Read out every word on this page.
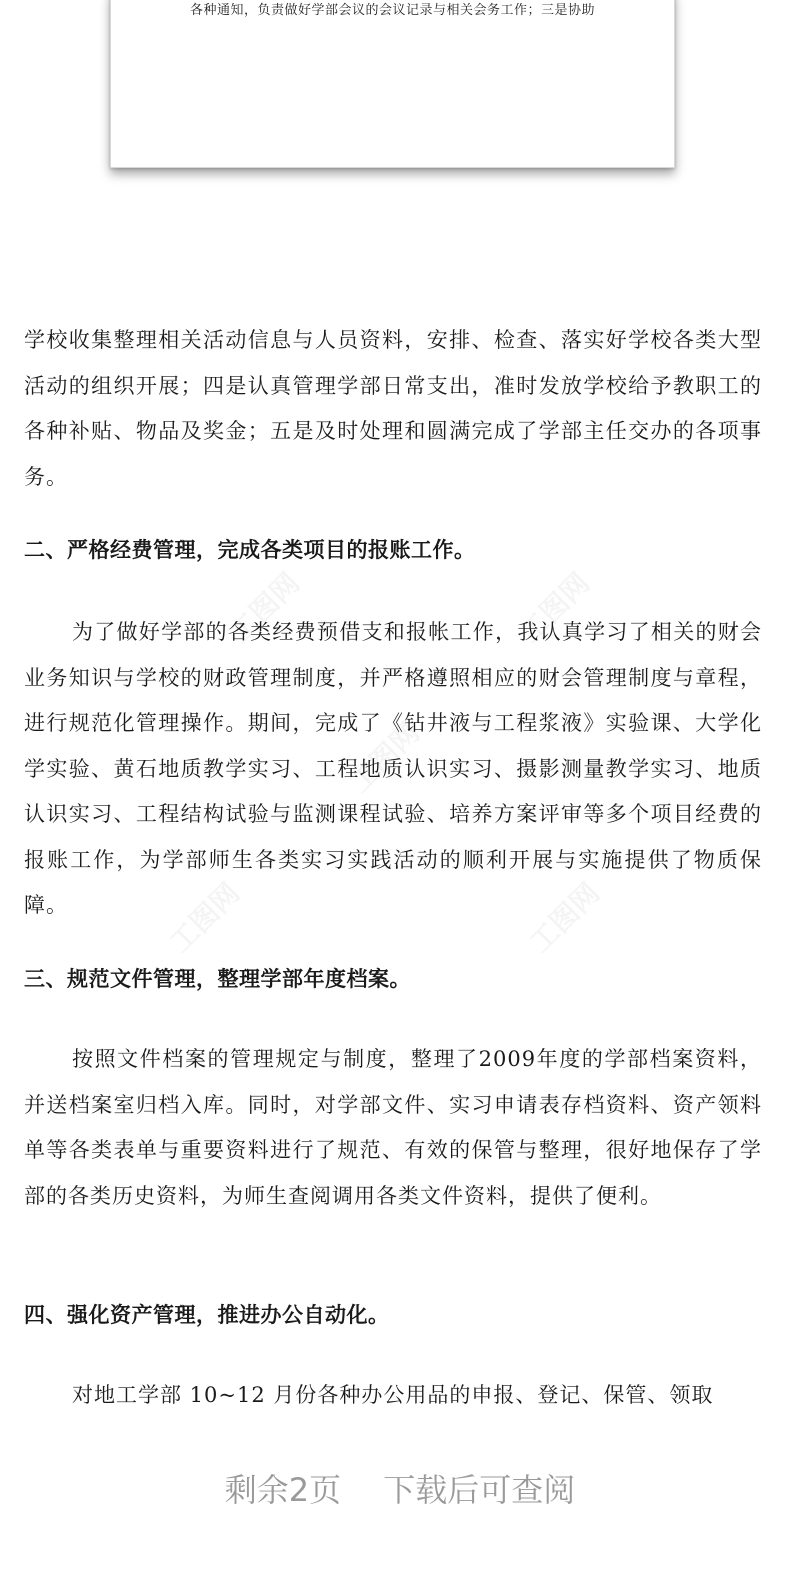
各种通知，负责做好学部会议的会议记录与相关会务工作；三是协助

学校收集整理相关活动信息与人员资料，安排、检查、落实好学校各类大型活动的组织开展；四是认真管理学部日常支出，准时发放学校给予教职工的各种补贴、物品及奖金；五是及时处理和圆满完成了学部主任交办的各项事务。

二、严格经费管理，完成各类项目的报账工作。

为了做好学部的各类经费预借支和报帐工作，我认真学习了相关的财会业务知识与学校的财政管理制度，并严格遵照相应的财会管理制度与章程，进行规范化管理操作。期间，完成了《钻井液与工程浆液》实验课、大学化学实验、黄石地质教学实习、工程地质认识实习、摄影测量教学实习、地质认识实习、工程结构试验与监测课程试验、培养方案评审等多个项目经费的报账工作，为学部师生各类实习实践活动的顺利开展与实施提供了物质保障。

三、规范文件管理，整理学部年度档案。

按照文件档案的管理规定与制度，整理了2009年度的学部档案资料，并送档案室归档入库。同时，对学部文件、实习申请表存档资料、资产领料单等各类表单与重要资料进行了规范、有效的保管与整理，很好地保存了学部的各类历史资料，为师生查阅调用各类文件资料，提供了便利。

四、强化资产管理，推进办公自动化。

对地工学部 10~12 月份各种办公用品的申报、登记、保管、领取

剩余2页 下载后可查阅
